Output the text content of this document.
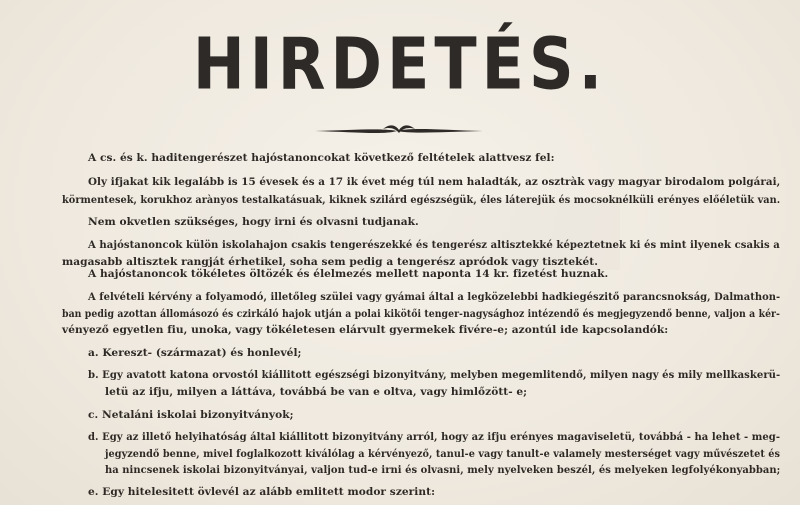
HIRDETÉS.
A cs. és k. haditengerészet hajóstanoncokat következő feltételek alattvesz fel:
Oly ifjakat kik legalább is 15 évesek és a 17 ik évet még túl nem haladták, az osztràk vagy magyar birodalom polgárai,
körmentesek, korukhoz arànyos testalkatásuak, kiknek szilárd egészségük, éles láterejük és mocsoknélküli erényes előéletük van.
Nem okvetlen szükséges, hogy irni és olvasni tudjanak.
A hajóstanoncok külön iskolahajon csakis tengerészekké és tengerész altisztekké képeztetnek ki és mint ilyenek csakis a
magasabb altisztek rangját érhetikel, soha sem pedig a tengerész apródok vagy tisztekét.
A hajóstanoncok tökéletes öltözék és élelmezés mellett naponta 14 kr. fizetést huznak.
A felvételi kérvény a folyamodó, illetőleg szülei vagy gyámai által a legközelebbi hadkiegészitő parancsnokság, Dalmathon-
ban pedig azottan állomásozó és czirkáló hajok utján a polai kikötői tenger-nagysághoz intézendő és megjegyzendő benne, valjon a kér-
vényező egyetlen fiu, unoka, vagy tökéletesen elárvult gyermekek fivére-e; azontúl ide kapcsolandók:
a. Kereszt- (származat) és honlevél;
b. Egy avatott katona orvostól kiállitott egészségi bizonyitvány, melyben megemlitendő, milyen nagy és mily mellkaskerü-
letü az ifju, milyen a láttáva, továbbá be van e oltva, vagy himlőzött- e;
c. Netaláni iskolai bizonyitványok;
d. Egy az illető helyihatóság által kiállitott bizonyitvány arról, hogy az ifju erényes magaviseletü, továbbá - ha lehet - meg-
jegyzendő benne, mivel foglalkozott kiválólag a kérvényező, tanul-e vagy tanult-e valamely mesterséget vagy művészetet és
ha nincsenek iskolai bizonyitványai, valjon tud-e irni és olvasni, mely nyelveken beszél, és melyeken legfolyékonyabban;
e. Egy hitelesitett övlevél az alább emlitett modor szerint:
